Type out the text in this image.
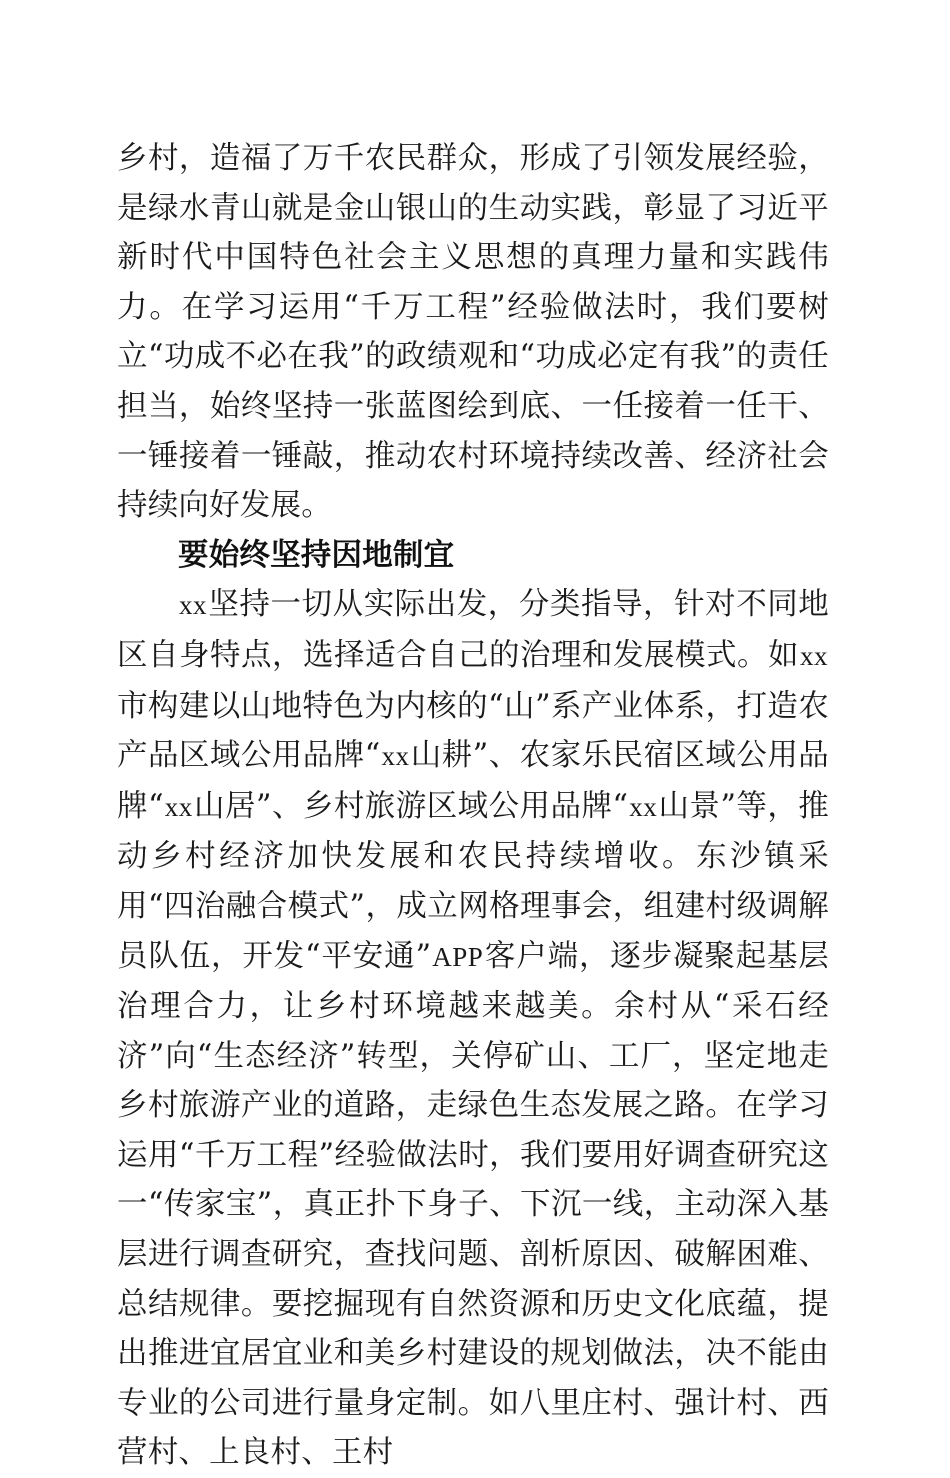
乡村，造福了万千农民群众，形成了引领发展经验，是绿水青山就是金山银山的生动实践，彰显了习近平新时代中国特色社会主义思想的真理力量和实践伟力。在学习运用“千万工程”经验做法时，我们要树立“功成不必在我”的政绩观和“功成必定有我”的责任担当，始终坚持一张蓝图绘到底、一任接着一任干、一锤接着一锤敲，推动农村环境持续改善、经济社会持续向好发展。

要始终坚持因地制宜

xx坚持一切从实际出发，分类指导，针对不同地区自身特点，选择适合自己的治理和发展模式。如xx市构建以山地特色为内核的“山”系产业体系，打造农产品区域公用品牌“xx山耕”、农家乐民宿区域公用品牌“xx山居”、乡村旅游区域公用品牌“xx山景”等，推动乡村经济加快发展和农民持续增收。东沙镇采用“四治融合模式”，成立网格理事会，组建村级调解员队伍，开发“平安通”APP客户端，逐步凝聚起基层治理合力，让乡村环境越来越美。余村从“采石经济”向“生态经济”转型，关停矿山、工厂，坚定地走乡村旅游产业的道路，走绿色生态发展之路。在学习运用“千万工程”经验做法时，我们要用好调查研究这一“传家宝”，真正扑下身子、下沉一线，主动深入基层进行调查研究，查找问题、剖析原因、破解困难、总结规律。要挖掘现有自然资源和历史文化底蕴，提出推进宜居宜业和美乡村建设的规划做法，决不能由专业的公司进行量身定制。如八里庄村、强计村、西营村、上良村、王村
